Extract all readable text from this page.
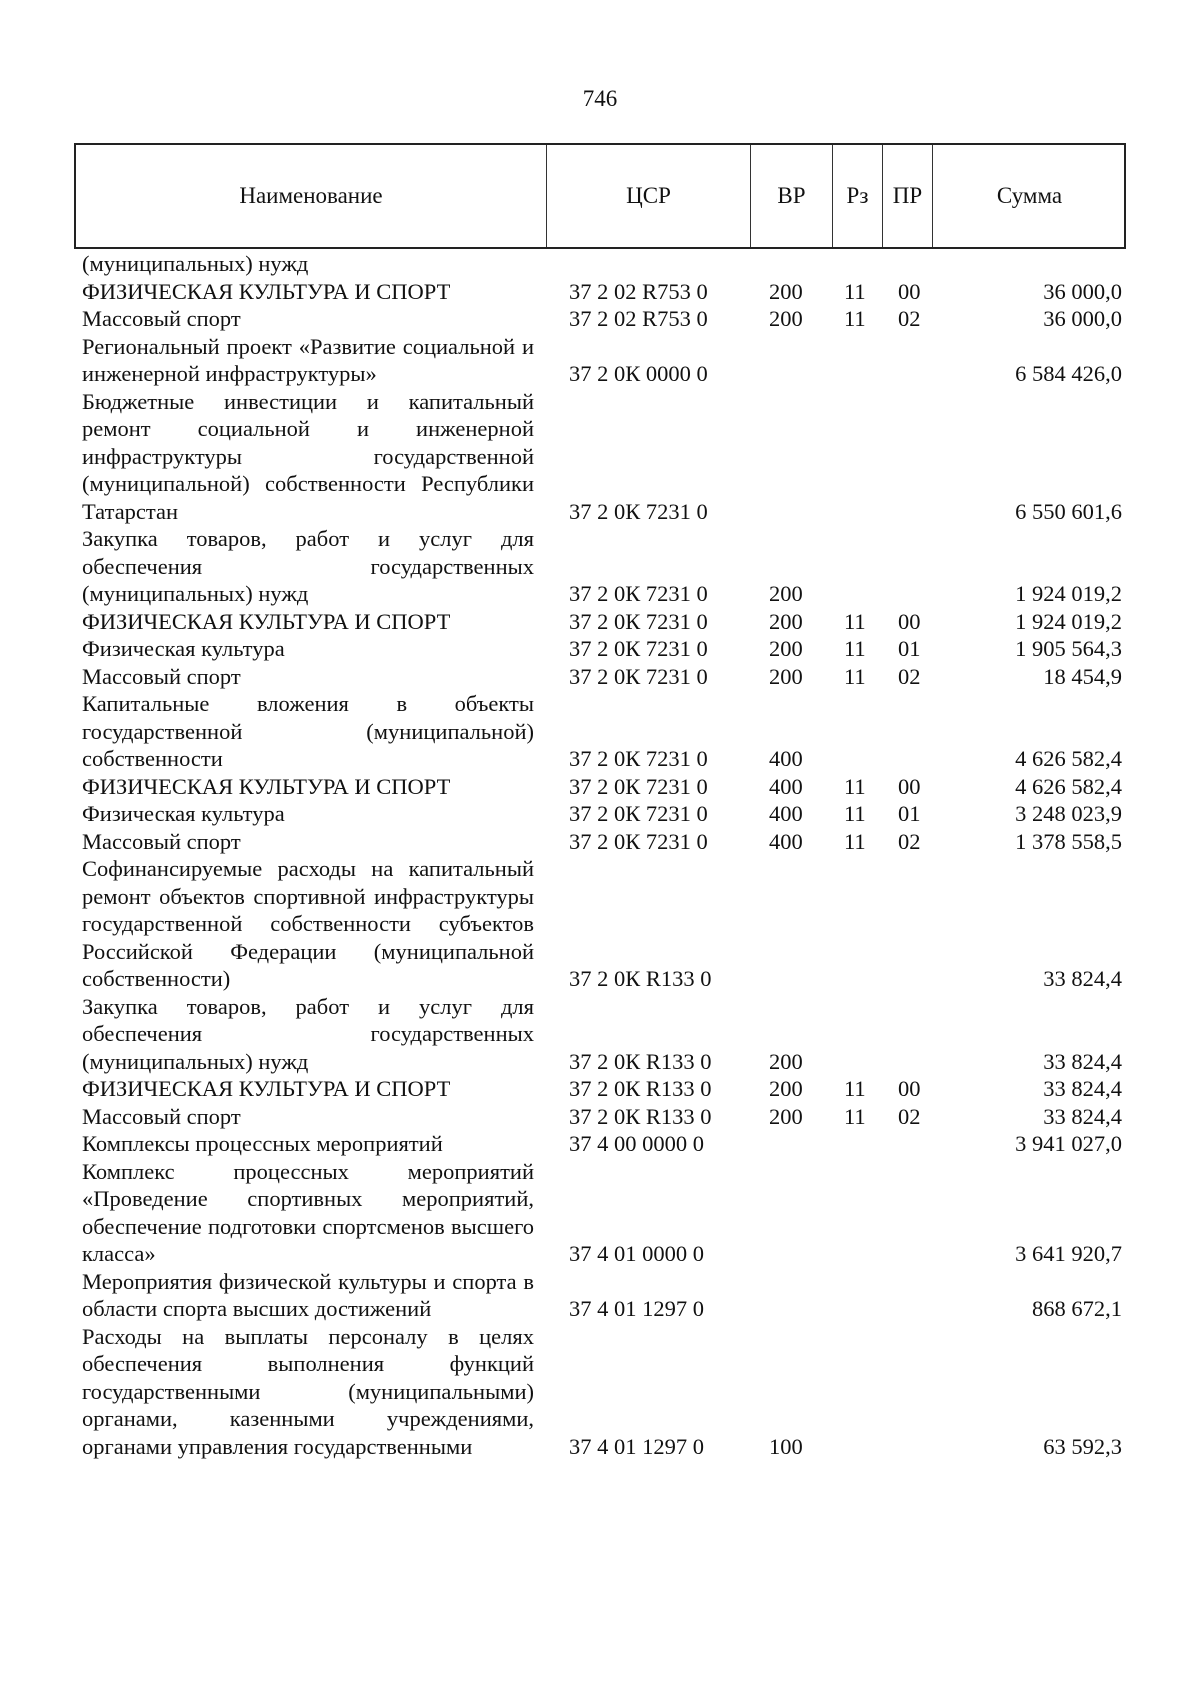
746
Наименование	ЦСР	ВР	Рз	ПР	Сумма
(муниципальных) нужд
ФИЗИЧЕСКАЯ КУЛЬТУРА И СПОРТ	37 2 02 R753 0	200 11 00	36 000,0
Массовый спорт	37 2 02 R753 0	200 11 02	36 000,0
Региональный проект «Развитие социальной и инженерной инфраструктуры»	37 2 0К 0000 0	6 584 426,0
Бюджетные инвестиции и капитальный ремонт социальной и инженерной инфраструктуры государственной (муниципальной) собственности Республики Татарстан	37 2 0К 7231 0	6 550 601,6
Закупка товаров, работ и услуг для обеспечения государственных (муниципальных) нужд	37 2 0К 7231 0	200	1 924 019,2
ФИЗИЧЕСКАЯ КУЛЬТУРА И СПОРТ	37 2 0К 7231 0	200 11 00	1 924 019,2
Физическая культура	37 2 0К 7231 0	200 11 01	1 905 564,3
Массовый спорт	37 2 0К 7231 0	200 11 02	18 454,9
Капитальные вложения в объекты государственной (муниципальной) собственности	37 2 0К 7231 0	400	4 626 582,4
ФИЗИЧЕСКАЯ КУЛЬТУРА И СПОРТ	37 2 0К 7231 0	400 11 00	4 626 582,4
Физическая культура	37 2 0К 7231 0	400 11 01	3 248 023,9
Массовый спорт	37 2 0К 7231 0	400 11 02	1 378 558,5
Софинансируемые расходы на капитальный ремонт объектов спортивной инфраструктуры государственной собственности субъектов Российской Федерации (муниципальной собственности)	37 2 0К R133 0	33 824,4
Закупка товаров, работ и услуг для обеспечения государственных (муниципальных) нужд	37 2 0К R133 0	200	33 824,4
ФИЗИЧЕСКАЯ КУЛЬТУРА И СПОРТ	37 2 0К R133 0	200 11 00	33 824,4
Массовый спорт	37 2 0К R133 0	200 11 02	33 824,4
Комплексы процессных мероприятий	37 4 00 0000 0	3 941 027,0
Комплекс процессных мероприятий «Проведение спортивных мероприятий, обеспечение подготовки спортсменов высшего класса»	37 4 01 0000 0	3 641 920,7
Мероприятия физической культуры и спорта в области спорта высших достижений	37 4 01 1297 0	868 672,1
Расходы на выплаты персоналу в целях обеспечения выполнения функций государственными (муниципальными) органами, казенными учреждениями, органами управления государственными	37 4 01 1297 0	100	63 592,3
